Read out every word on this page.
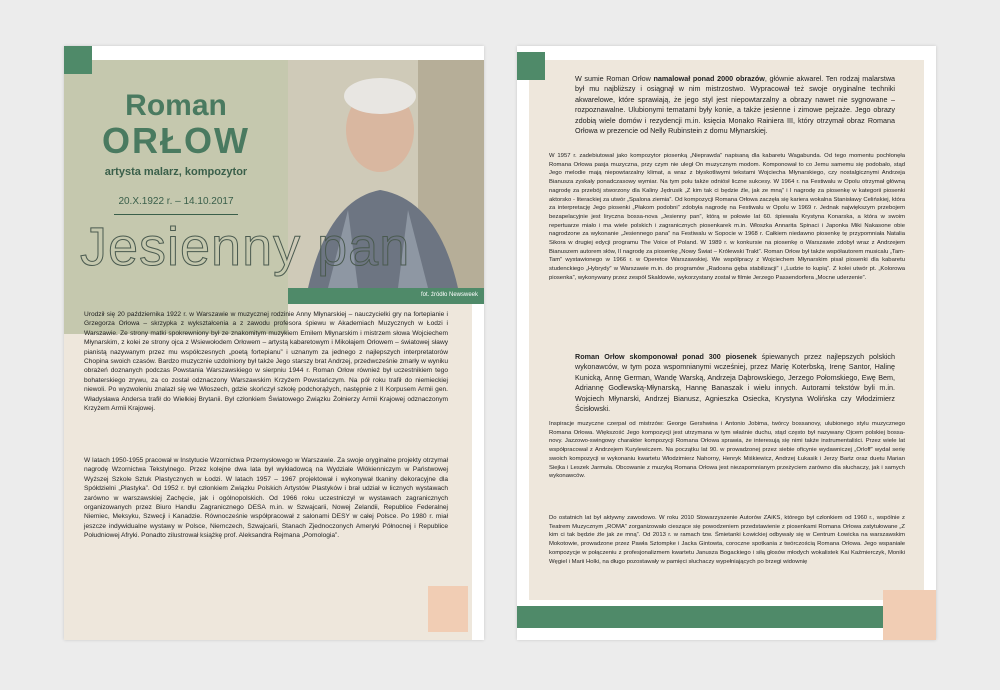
fot. źródło Newsweek
Roman
ORŁOW
artysta malarz, kompozytor
20.X.1922 r. – 14.10.2017
Jesienny pan
Urodził się 20 października 1922 r. w Warszawie w muzycznej rodzinie Anny Młynarskiej – nauczycielki gry na fortepianie i Grzegorza Orłowa – skrzypka z wykształcenia a z zawodu profesora śpiewu w Akademiach Muzycznych w Łodzi i Warszawie. Ze strony matki spokrewniony był ze znakomitym muzykiem Emilem Młynarskim i mistrzem słowa Wojciechem Młynarskim, z kolei ze strony ojca z Wsiewołodem Orłowem – artystą kabaretowym i Mikołajem Orłowem – światowej sławy pianistą nazywanym przez mu współczesnych „poetą fortepianu” i uznanym za jednego z najlepszych interpretatorów Chopina swoich czasów. Bardzo muzycznie uzdolniony był także Jego starszy brat Andrzej, przedwcześnie zmarły w wyniku obrażeń doznanych podczas Powstania Warszawskiego w sierpniu 1944 r. Roman Orłow również był uczestnikiem tego bohaterskiego zrywu, za co został odznaczony Warszawskim Krzyżem Powstańczym. Na pół roku trafił do niemieckiej niewoli. Po wyzwoleniu znalazł się we Włoszech, gdzie skończył szkołę podchorążych, następnie z II Korpusem Armii gen. Władysława Andersa trafił do Wielkiej Brytanii. Był członkiem Światowego Związku Żołnierzy Armii Krajowej odznaczonym Krzyżem Armii Krajowej.
W latach 1950-1955 pracował w Instytucie Wzornictwa Przemysłowego w Warszawie. Za swoje oryginalne projekty otrzymał nagrodę Wzornictwa Tekstylnego. Przez kolejne dwa lata był wykładowcą na Wydziale Włókienniczym w Państwowej Wyższej Szkole Sztuk Plastycznych w Łodzi. W latach 1957 – 1967 projektował i wykonywał tkaniny dekoracyjne dla Spółdzielni „Plastyka”. Od 1952 r. był członkiem Związku Polskich Artystów Plastyków i brał udział w licznych wystawach zarówno w warszawskiej Zachęcie, jak i ogólnopolskich. Od 1966 roku uczestniczył w wystawach zagranicznych organizowanych przez Biuro Handlu Zagranicznego DESA m.in. w Szwajcarii, Nowej Zelandii, Republice Federalnej Niemiec, Meksyku, Szwecji i Kanadzie. Równocześnie współpracował z salonami DESY w całej Polsce. Po 1980 r. miał jeszcze indywidualne wystawy w Polsce, Niemczech, Szwajcarii, Stanach Zjednoczonych Ameryki Północnej i Republice Południowej Afryki. Ponadto zilustrował książkę prof. Aleksandra Rejmana „Pomologia”.
W sumie Roman Orłow namalował ponad 2000 obrazów, głównie akwarel. Ten rodzaj malarstwa był mu najbliższy i osiągnął w nim mistrzostwo. Wypracował też swoje oryginalne techniki akwarelowe, które sprawiają, że jego styl jest niepowtarzalny a obrazy nawet nie sygnowane – rozpoznawalne. Ulubionymi tematami były konie, a także jesienne i zimowe pejzaże. Jego obrazy zdobią wiele domów i rezydencji m.in. księcia Monako Rainiera III, który otrzymał obraz Romana Orłowa w prezencie od Nelly Rubinstein z domu Młynarskiej.
W 1957 r. zadebiutował jako kompozytor piosenką „Nieprawda” napisaną dla kabaretu Wagabunda. Od tego momentu pochłonęła Romana Orłowa pasja muzyczna, przy czym nie uległ On muzycznym modom. Komponował to co Jemu samemu się podobało, stąd Jego melodie mają niepowtarzalny klimat, a wraz z błyskotliwymi tekstami Wojciecha Młynarskiego, czy nostalgicznymi Andrzeja Bianusza zyskały ponadczasowy wymiar. Na tym polu także odniósł liczne sukcesy. W 1964 r. na Festiwalu w Opolu otrzymał główną nagrodę za przebój stworzony dla Kaliny Jędrusik „Z kim tak ci będzie źle, jak ze mną” i I nagrodę za piosenkę w kategorii piosenki aktorsko - literackiej za utwór „Spalona ziemia”. Od kompozycji Romana Orłowa zaczęła się kariera wokalna Stanisławy Celińskiej, która za interpretację Jego piosenki „Płakom podobni” zdobyła nagrodę na Festiwalu w Opolu w 1969 r. Jednak największym przebojem bezapelacyjnie jest liryczna bossa-nova „Jesienny pan”, którą w połowie lat 60. śpiewała Krystyna Konarska, a która w swoim repertuarze miało i ma wiele polskich i zagranicznych piosenkarek m.in. Włoszka Annarita Spinaci i Japonka Miki Nakasone obie nagrodzone za wykonanie „Jesiennego pana” na Festiwalu w Sopocie w 1968 r. Całkiem niedawno piosenkę tę przypomniała Natalia Sikora w drugiej edycji programu The Voice of Poland. W 1989 r. w konkursie na piosenkę o Warszawie zdobył wraz z Andrzejem Bianuszem autorem słów, II nagrodę za piosenkę „Nowy Świat – Królewski Trakt”. Roman Orłow był także współautorem musicalu „Tam-Tam” wystawionego w 1966 r. w Operetce Warszawskiej. We współpracy z Wojciechem Młynarskim pisał piosenki dla kabaretu studenckiego „Hybrydy” w Warszawie m.in. do programów „Radosna gęba stabilizacji” i „Ludzie to kupią”. Z kolei utwór pt. „Kolorowa piosenka”, wykonywany przez zespół Skaldowie, wykorzystany został w filmie Jerzego Passendorfera „Mocne uderzenie”.
Roman Orłow skomponował ponad 300 piosenek śpiewanych przez najlepszych polskich wykonawców, w tym poza wspomnianymi wcześniej, przez Marię Koterbską, Irenę Santor, Halinę Kunicką, Annę German, Wandę Warską, Andrzeja Dąbrowskiego, Jerzego Połomskiego, Ewę Bem, Adriannę Godlewską-Młynarską, Hannę Banaszak i wielu innych. Autorami tekstów byli m.in. Wojciech Młynarski, Andrzej Bianusz, Agnieszka Osiecka, Krystyna Wolińska czy Włodzimierz Ścisłowski.
Inspiracje muzyczne czerpał od mistrzów: George Gershwina i Antonio Jobima, twórcy bossanovy, ulubionego stylu muzycznego Romana Orłowa. Większość Jego kompozycji jest utrzymana w tym właśnie duchu, stąd często był nazywany Ojcem polskiej bossa-novy. Jazzowo-swingowy charakter kompozycji Romana Orłowa sprawia, że interesują się nimi także instrumentaliści. Przez wiele lat współpracował z Andrzejem Kurylewiczem. Na początku lat 90. w prowadzonej przez siebie oficynie wydawniczej „Orloff” wydał serię swoich kompozycji w wykonaniu kwartetu Włodzimierz Nahorny, Henryk Miśkiewicz, Andrzej Łukasik i Jerzy Bartz oraz duetu Marian Siejka i Leszek Jarmuła. Obcowanie z muzyką Romana Orłowa jest niezapomnianym przeżyciem zarówno dla słuchaczy, jak i samych wykonawców.
Do ostatnich lat był aktywny zawodowo. W roku 2010 Stowarzyszenie Autorów ZAiKS, którego był członkiem od 1960 r., wspólnie z Teatrem Muzycznym „ROMA” zorganizowało cieszące się powodzeniem przedstawienie z piosenkami Romana Orłowa zatytułowane „Z kim ci tak będzie źle jak ze mną”. Od 2013 r. w ramach tzw. Śmietanki Łowickiej odbywały się w Centrum Łowicka na warszawskim Mokotowie, prowadzone przez Pawła Sztompke i Jacka Gintowta, coroczne spotkania z twórczością Romana Orłowa. Jego wspaniałe kompozycje w połączeniu z profesjonalizmem kwartetu Janusza Bogackiego i siłą głosów młodych wokalistek Kai Kaźmierczyk, Moniki Węgiel i Marii Holki, na długo pozostawały w pamięci słuchaczy wypełniających po brzegi widownię
